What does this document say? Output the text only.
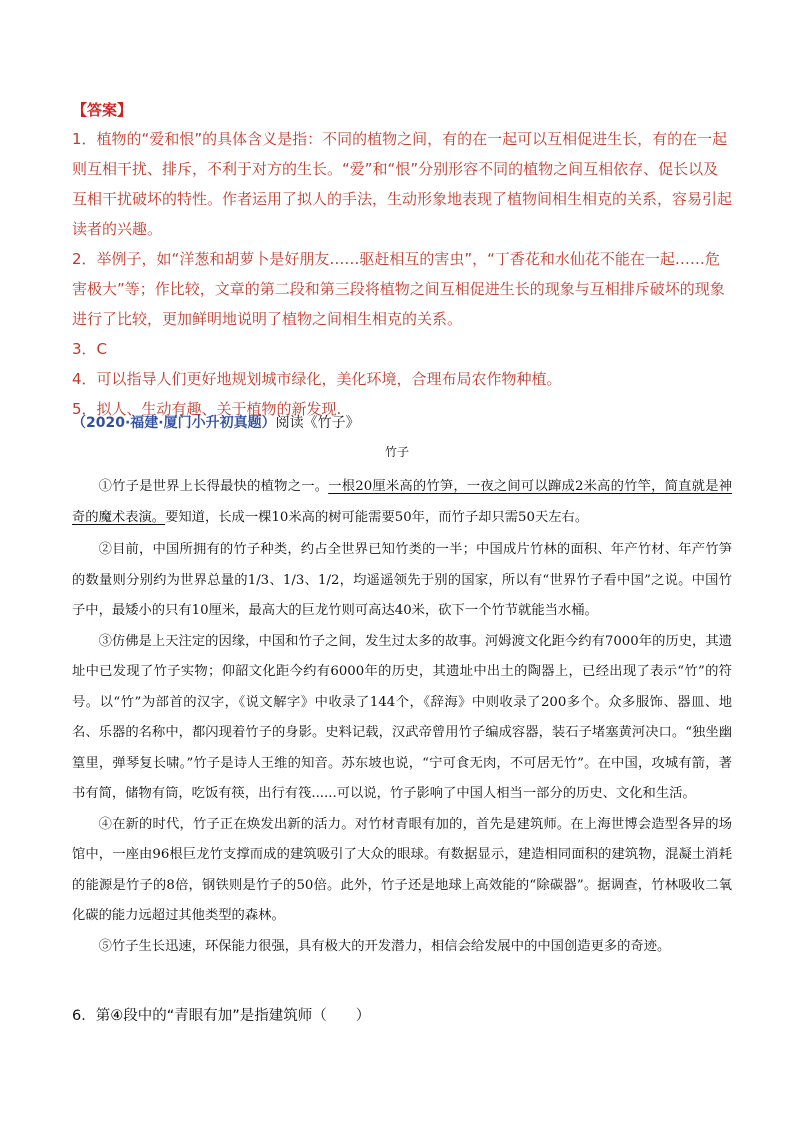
【答案】

1．植物的“爱和恨”的具体含义是指：不同的植物之间，有的在一起可以互相促进生长，有的在一起则互相干扰、排斥，不利于对方的生长。“爱”和“恨”分别形容不同的植物之间互相依存、促长以及互相干扰破坏的特性。作者运用了拟人的手法，生动形象地表现了植物间相生相克的关系，容易引起读者的兴趣。

2．举例子，如“洋葱和胡萝卜是好朋友……驱赶相互的害虫”，“丁香花和水仙花不能在一起……危害极大”等；作比较，文章的第二段和第三段将植物之间互相促进生长的现象与互相排斥破坏的现象进行了比较，更加鲜明地说明了植物之间相生相克的关系。

3．C

4．可以指导人们更好地规划城市绿化，美化环境，合理布局农作物种植。

5．拟人、生动有趣、关于植物的新发现.

（2020·福建·厦门小升初真题）阅读《竹子》
竹子

①竹子是世界上长得最快的植物之一。一根20厘米高的竹笋，一夜之间可以蹿成2米高的竹竿，简直就是神奇的魔术表演。要知道，长成一棵10米高的树可能需要50年，而竹子却只需50天左右。

②目前，中国所拥有的竹子种类，约占全世界已知竹类的一半；中国成片竹林的面积、年产竹材、年产竹笋的数量则分别约为世界总量的1/3、1/3、1/2，均遥遥领先于别的国家，所以有“世界竹子看中国”之说。中国竹子中，最矮小的只有10厘米，最高大的巨龙竹则可高达40米，砍下一个竹节就能当水桶。

③仿佛是上天注定的因缘，中国和竹子之间，发生过太多的故事。河姆渡文化距今约有7000年的历史，其遗址中已发现了竹子实物；仰韶文化距今约有6000年的历史，其遗址中出土的陶器上，已经出现了表示“竹”的符号。以“竹”为部首的汉字，《说文解字》中收录了144个，《辞海》中则收录了200多个。众多服饰、器皿、地名、乐器的名称中，都闪现着竹子的身影。史料记载，汉武帝曾用竹子编成容器，装石子堵塞黄河决口。“独坐幽篁里，弹琴复长啸。”竹子是诗人王维的知音。苏东坡也说，“宁可食无肉，不可居无竹”。在中国，攻城有箭，著书有简，储物有筒，吃饭有筷，出行有筏......可以说，竹子影响了中国人相当一部分的历史、文化和生活。

④在新的时代，竹子正在焕发出新的活力。对竹材青眼有加的，首先是建筑师。在上海世博会造型各异的场馆中，一座由96根巨龙竹支撑而成的建筑吸引了大众的眼球。有数据显示，建造相同面积的建筑物，混凝土消耗的能源是竹子的8倍，钢铁则是竹子的50倍。此外，竹子还是地球上高效能的“除碳器”。据调查，竹林吸收二氧化碳的能力远超过其他类型的森林。

⑤竹子生长迅速，环保能力很强，具有极大的开发潜力，相信会给发展中的中国创造更多的奇迹。

6．第④段中的“青眼有加”是指建筑师（　　）
